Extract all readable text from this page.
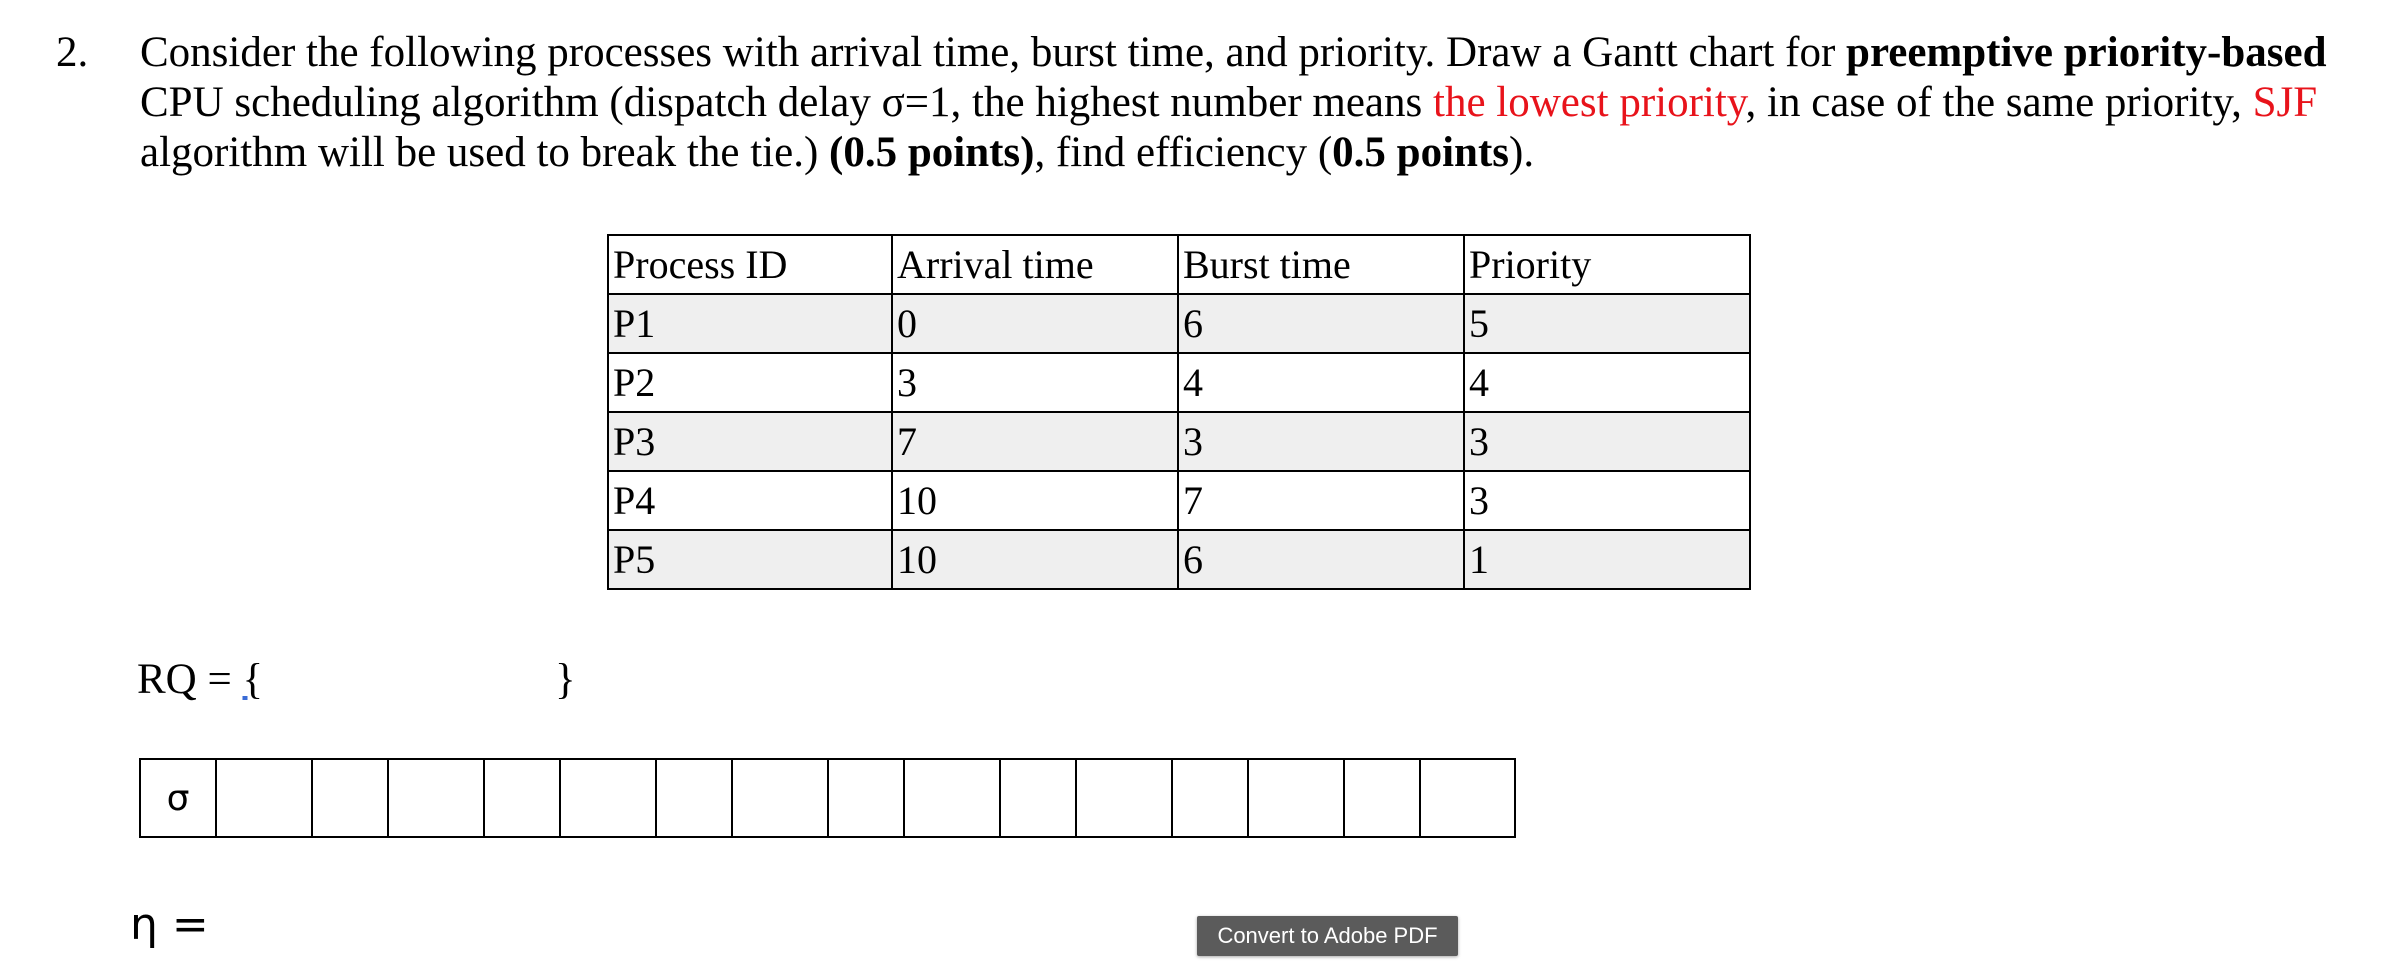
2. Consider the following processes with arrival time, burst time, and priority. Draw a Gantt chart for preemptive priority-based
CPU scheduling algorithm (dispatch delay σ=1, the highest number means the lowest priority, in case of the same priority, SJF
algorithm will be used to break the tie.) (0.5 points), find efficiency (0.5 points).
Process ID	Arrival time	Burst time	Priority
P1	0	6	5
P2	3	4	4
P3	7	3	3
P4	10	7	3
P5	10	6	1
RQ = {	}
σ
η =	Convert to Adobe PDF
